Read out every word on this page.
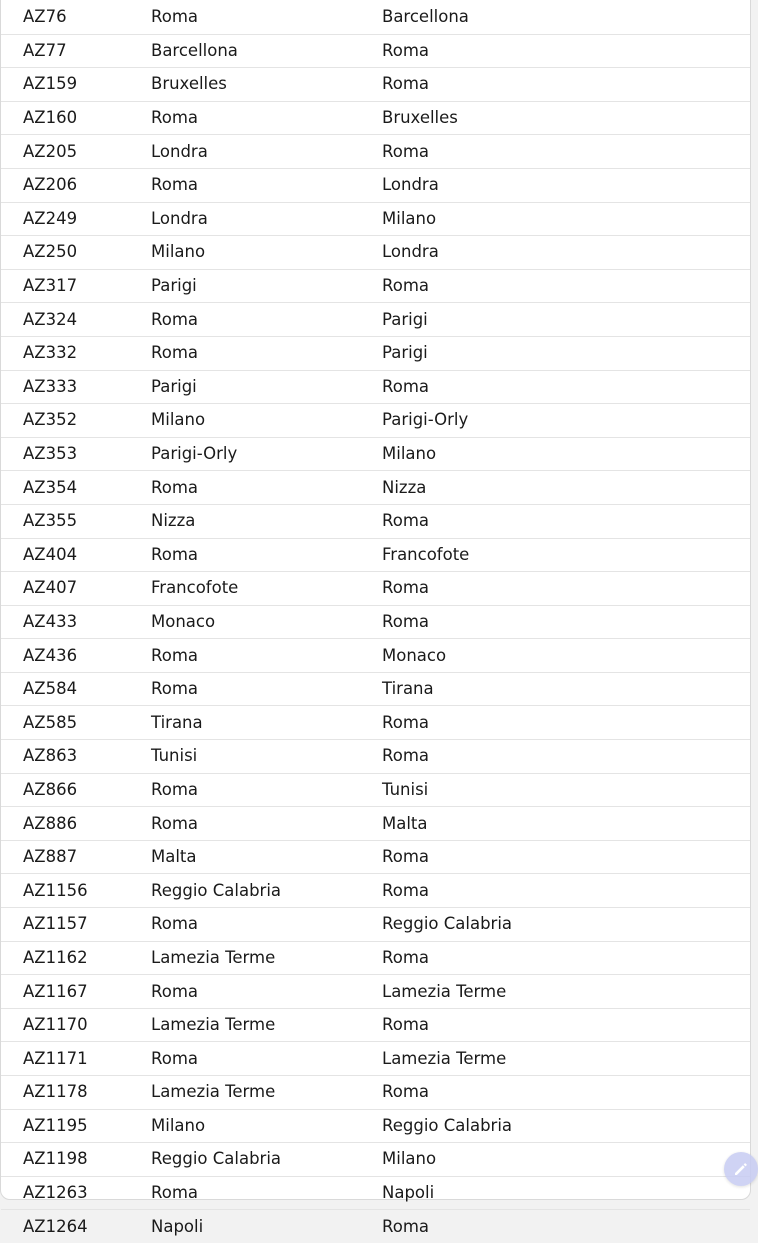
AZ76	Roma	Barcellona
AZ77	Barcellona	Roma
AZ159	Bruxelles	Roma
AZ160	Roma	Bruxelles
AZ205	Londra	Roma
AZ206	Roma	Londra
AZ249	Londra	Milano
AZ250	Milano	Londra
AZ317	Parigi	Roma
AZ324	Roma	Parigi
AZ332	Roma	Parigi
AZ333	Parigi	Roma
AZ352	Milano	Parigi-Orly
AZ353	Parigi-Orly	Milano
AZ354	Roma	Nizza
AZ355	Nizza	Roma
AZ404	Roma	Francofote
AZ407	Francofote	Roma
AZ433	Monaco	Roma
AZ436	Roma	Monaco
AZ584	Roma	Tirana
AZ585	Tirana	Roma
AZ863	Tunisi	Roma
AZ866	Roma	Tunisi
AZ886	Roma	Malta
AZ887	Malta	Roma
AZ1156	Reggio Calabria	Roma
AZ1157	Roma	Reggio Calabria
AZ1162	Lamezia Terme	Roma
AZ1167	Roma	Lamezia Terme
AZ1170	Lamezia Terme	Roma
AZ1171	Roma	Lamezia Terme
AZ1178	Lamezia Terme	Roma
AZ1195	Milano	Reggio Calabria
AZ1198	Reggio Calabria	Milano
AZ1263	Roma	Napoli
AZ1264	Napoli	Roma
